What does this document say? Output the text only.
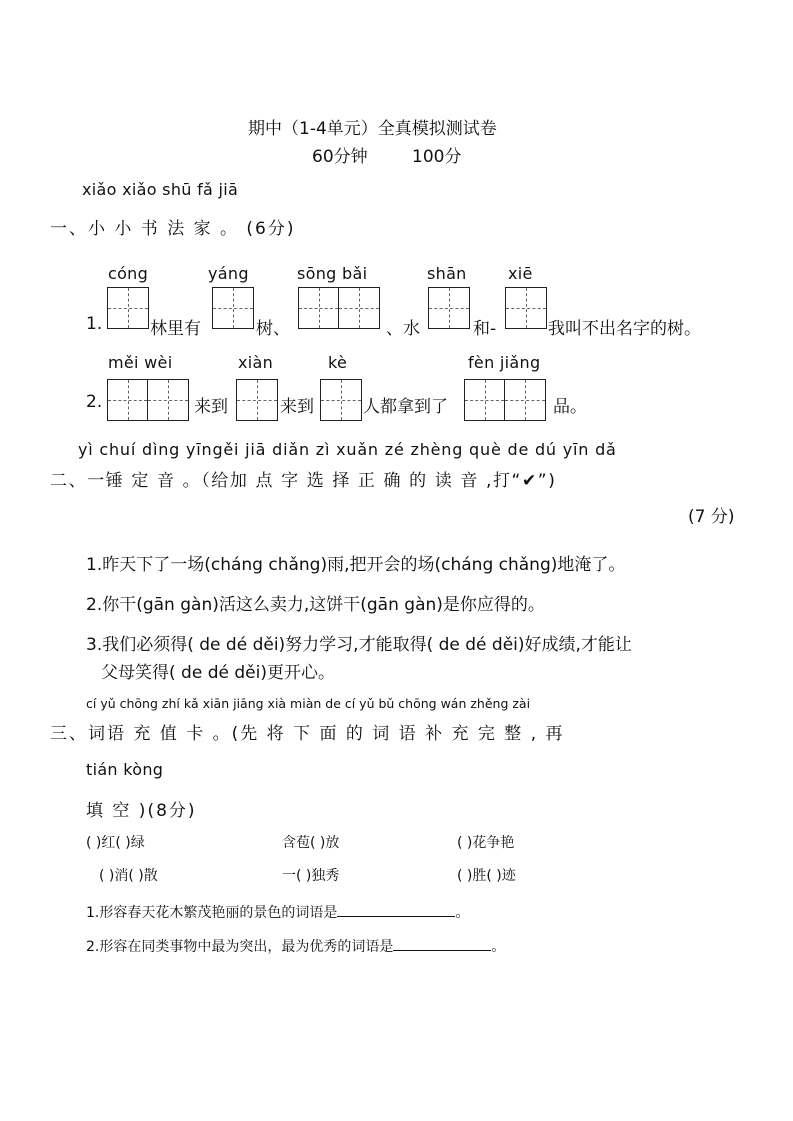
期中（1-4单元）全真模拟测试卷
60分钟	100分
xiǎo xiǎo shū fǎ jiā
一、小 小 书 法 家 。 (6分)
cóng	yáng	sōng bǎi	shān	xiē
1.	林里有	树、	、水	和-	我叫不出名字的树。
měi wèi	xiàn	kè	fèn jiǎng
2.	来到	来到	人都拿到了	品。
yì chuí dìng yīngěi jiā diǎn zì xuǎn zé zhèng què de dú yīn dǎ
二、一锤 定 音 。（给加 点 字 选 择 正 确 的 读 音 ,打“✔”)
(7 分)
1.昨天下了一场(cháng chǎng)雨,把开会的场(cháng chǎng)地淹了。
2.你干(gān gàn)活这么卖力,这饼干(gān gàn)是你应得的。
3.我们必须得( de dé děi)努力学习,才能取得( de dé děi)好成绩,才能让
父母笑得( de dé děi)更开心。
cí yǔ chōng zhí kǎ xiān jiāng xià miàn de cí yǔ bǔ chōng wán zhěng zài
三、词语 充 值 卡 。(先 将 下 面 的 词 语 补 充 完 整 , 再
tián kòng
填 空 )(8分)
( )红( )绿	含苞( )放	( )花争艳
( )消( )散	一( )独秀	( )胜( )迹
1.形容春天花木繁茂艳丽的景色的词语是	。
2.形容在同类事物中最为突出，最为优秀的词语是	。
